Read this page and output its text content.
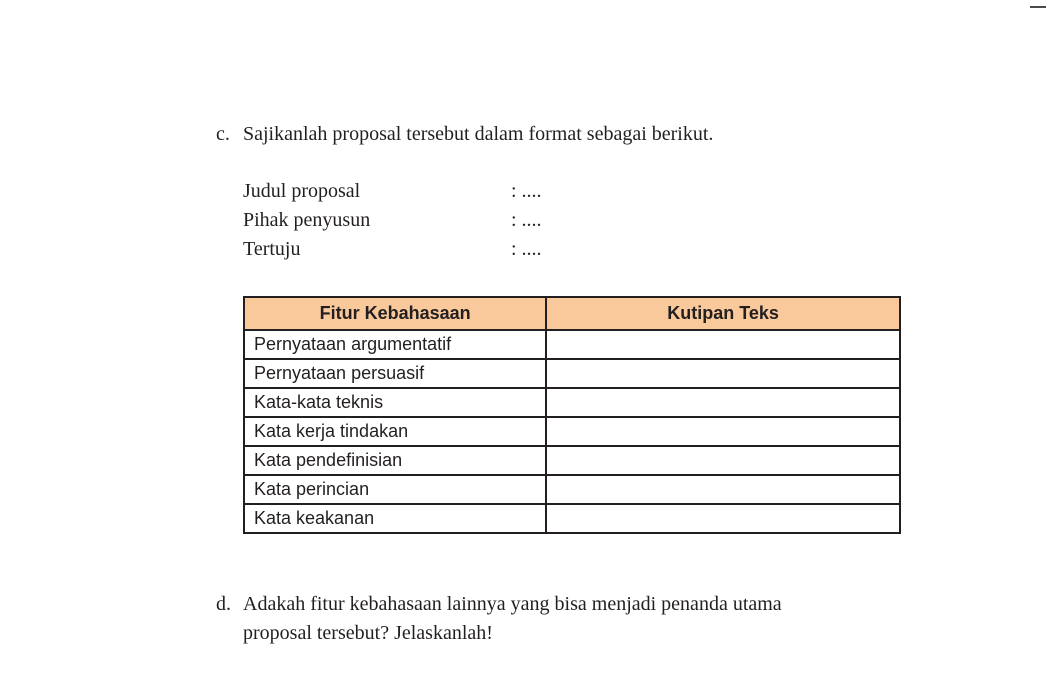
c. Sajikanlah proposal tersebut dalam format sebagai berikut.
Judul proposal	: ....
Pihak penyusun	: ....
Tertuju	: ....
Fitur Kebahasaan	Kutipan Teks
Pernyataan argumentatif	
Pernyataan persuasif	
Kata-kata teknis	
Kata kerja tindakan	
Kata pendefinisian	
Kata perincian	
Kata keakanan	
d. Adakah fitur kebahasaan lainnya yang bisa menjadi penanda utama
proposal tersebut? Jelaskanlah!
